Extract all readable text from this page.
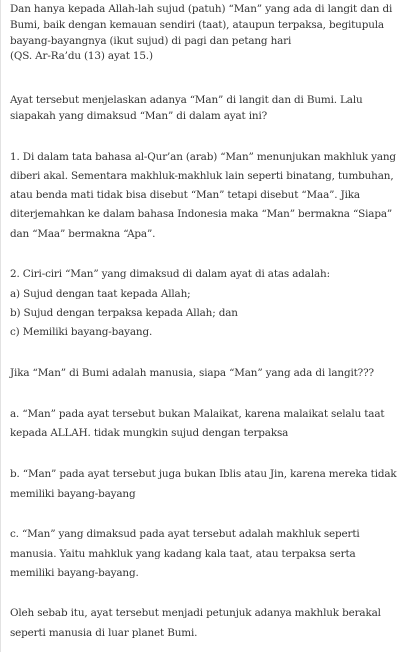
Dan hanya kepada Allah-lah sujud (patuh) “Man” yang ada di langit dan di
Bumi, baik dengan kemauan sendiri (taat), ataupun terpaksa, begitupula
bayang-bayangnya (ikut sujud) di pagi dan petang hari
(QS. Ar-Ra’du (13) ayat 15.)
Ayat tersebut menjelaskan adanya “Man” di langit dan di Bumi. Lalu
siapakah yang dimaksud “Man” di dalam ayat ini?
1. Di dalam tata bahasa al-Qur’an (arab) “Man” menunjukan makhluk yang
diberi akal. Sementara makhluk-makhluk lain seperti binatang, tumbuhan,
atau benda mati tidak bisa disebut “Man” tetapi disebut “Maa”. Jika
diterjemahkan ke dalam bahasa Indonesia maka “Man” bermakna “Siapa”
dan “Maa” bermakna “Apa”.
2. Ciri-ciri “Man” yang dimaksud di dalam ayat di atas adalah:
a) Sujud dengan taat kepada Allah;
b) Sujud dengan terpaksa kepada Allah; dan
c) Memiliki bayang-bayang.
Jika “Man” di Bumi adalah manusia, siapa “Man” yang ada di langit???
a. “Man” pada ayat tersebut bukan Malaikat, karena malaikat selalu taat
kepada ALLAH. tidak mungkin sujud dengan terpaksa
b. “Man” pada ayat tersebut juga bukan Iblis atau Jin, karena mereka tidak
memiliki bayang-bayang
c. “Man” yang dimaksud pada ayat tersebut adalah makhluk seperti
manusia. Yaitu mahkluk yang kadang kala taat, atau terpaksa serta
memiliki bayang-bayang.
Oleh sebab itu, ayat tersebut menjadi petunjuk adanya makhluk berakal
seperti manusia di luar planet Bumi.
